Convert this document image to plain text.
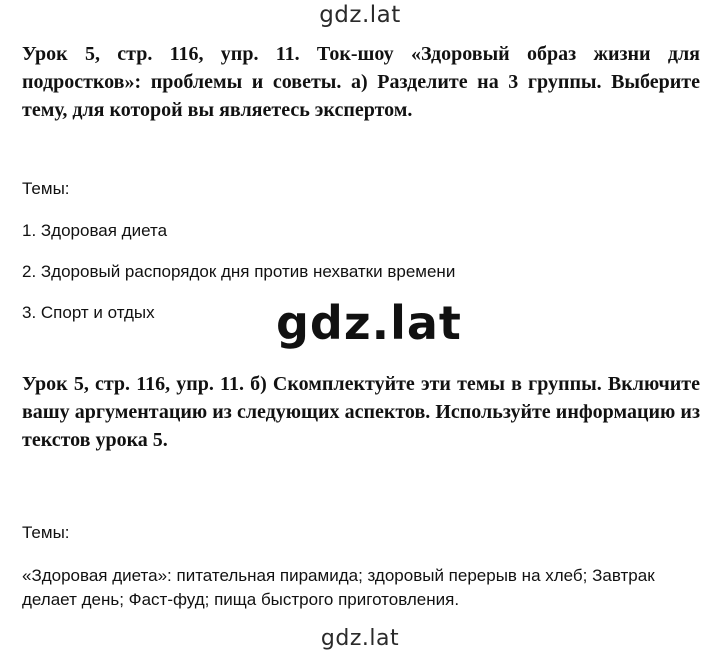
gdz.lat

Урок 5, стр. 116, упр. 11. Ток-шоу «Здоровый образ жизни для подростков»: проблемы и советы. а) Разделите на 3 группы. Выберите тему, для которой вы являетесь экспертом.

Темы:

1. Здоровая диета

2. Здоровый распорядок дня против нехватки времени

3. Спорт и отдых	gdz.lat

Урок 5, стр. 116, упр. 11. б) Скомплектуйте эти темы в группы. Включите вашу аргументацию из следующих аспектов. Используйте информацию из текстов урока 5.

Темы:

«Здоровая диета»: питательная пирамида; здоровый перерыв на хлеб; Завтрак делает день; Фаст-фуд; пища быстрого приготовления.

gdz.lat
